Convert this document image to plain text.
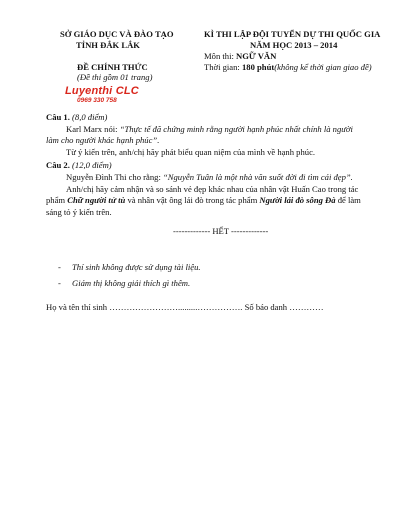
SỞ GIÁO DỤC VÀ ĐÀO TẠO
TỈNH ĐẮK LẮK
ĐỀ CHÍNH THỨC
(Đề thi gồm 01 trang)
Luyenthi CLC
0969 330 758
KÌ THI LẬP ĐỘI TUYỂN DỰ THI QUỐC GIA
NĂM HỌC 2013 – 2014
Môn thi: NGỮ VĂN
Thời gian: 180 phút(không kể thời gian giao đề)
Câu 1. (8,0 điểm)
Karl Marx nói: “Thực tế đã chứng minh rằng người hạnh phúc nhất chính là người
làm cho người khác hạnh phúc”.
Từ ý kiến trên, anh/chị hãy phát biểu quan niệm của mình về hạnh phúc.
Câu 2. (12,0 điểm)
Nguyễn Đình Thi cho rằng: “Nguyễn Tuân là một nhà văn suốt đời đi tìm cái đẹp”.
Anh/chị hãy cảm nhận và so sánh vẻ đẹp khác nhau của nhân vật Huấn Cao trong tác
phẩm Chữ người tử tù và nhân vật ông lái đò trong tác phẩm Người lái đò sông Đà để làm
sáng tỏ ý kiến trên.
------------- HẾT -------------
- Thí sinh không được sử dụng tài liệu.
- Giám thị không giải thích gì thêm.
Họ và tên thí sinh …………………….........……………. Số báo danh …………
